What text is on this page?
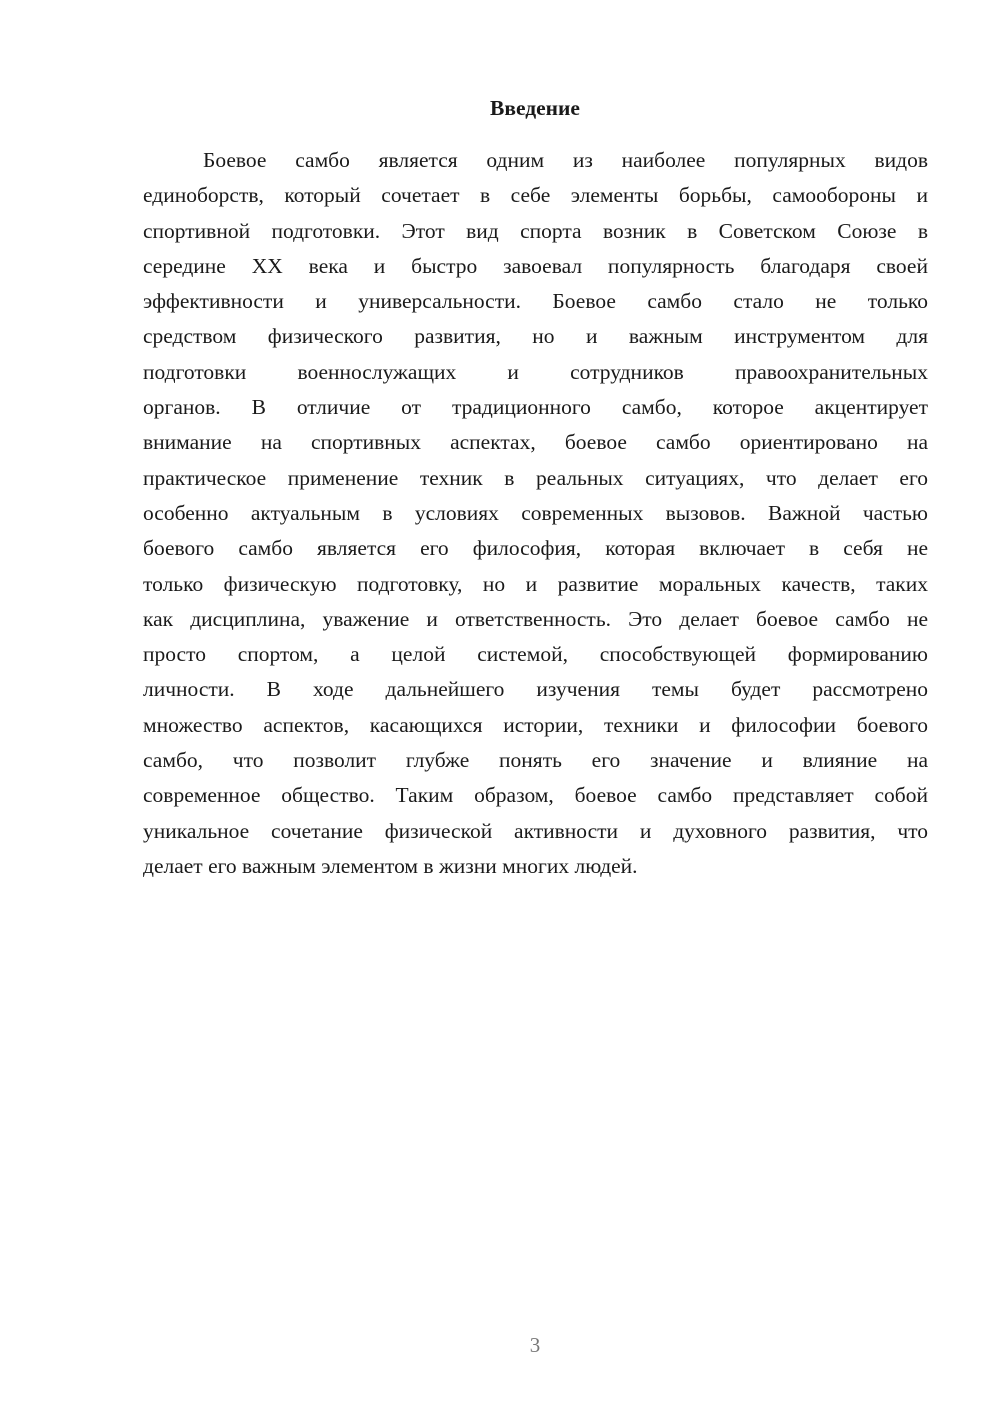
Введение
Боевое самбо является одним из наиболее популярных видов
единоборств, который сочетает в себе элементы борьбы, самообороны и
спортивной подготовки. Этот вид спорта возник в Советском Союзе в
середине XX века и быстро завоевал популярность благодаря своей
эффективности и универсальности. Боевое самбо стало не только
средством физического развития, но и важным инструментом для
подготовки военнослужащих и сотрудников правоохранительных
органов. В отличие от традиционного самбо, которое акцентирует
внимание на спортивных аспектах, боевое самбо ориентировано на
практическое применение техник в реальных ситуациях, что делает его
особенно актуальным в условиях современных вызовов. Важной частью
боевого самбо является его философия, которая включает в себя не
только физическую подготовку, но и развитие моральных качеств, таких
как дисциплина, уважение и ответственность. Это делает боевое самбо не
просто спортом, а целой системой, способствующей формированию
личности. В ходе дальнейшего изучения темы будет рассмотрено
множество аспектов, касающихся истории, техники и философии боевого
самбо, что позволит глубже понять его значение и влияние на
современное общество. Таким образом, боевое самбо представляет собой
уникальное сочетание физической активности и духовного развития, что
делает его важным элементом в жизни многих людей.
3
